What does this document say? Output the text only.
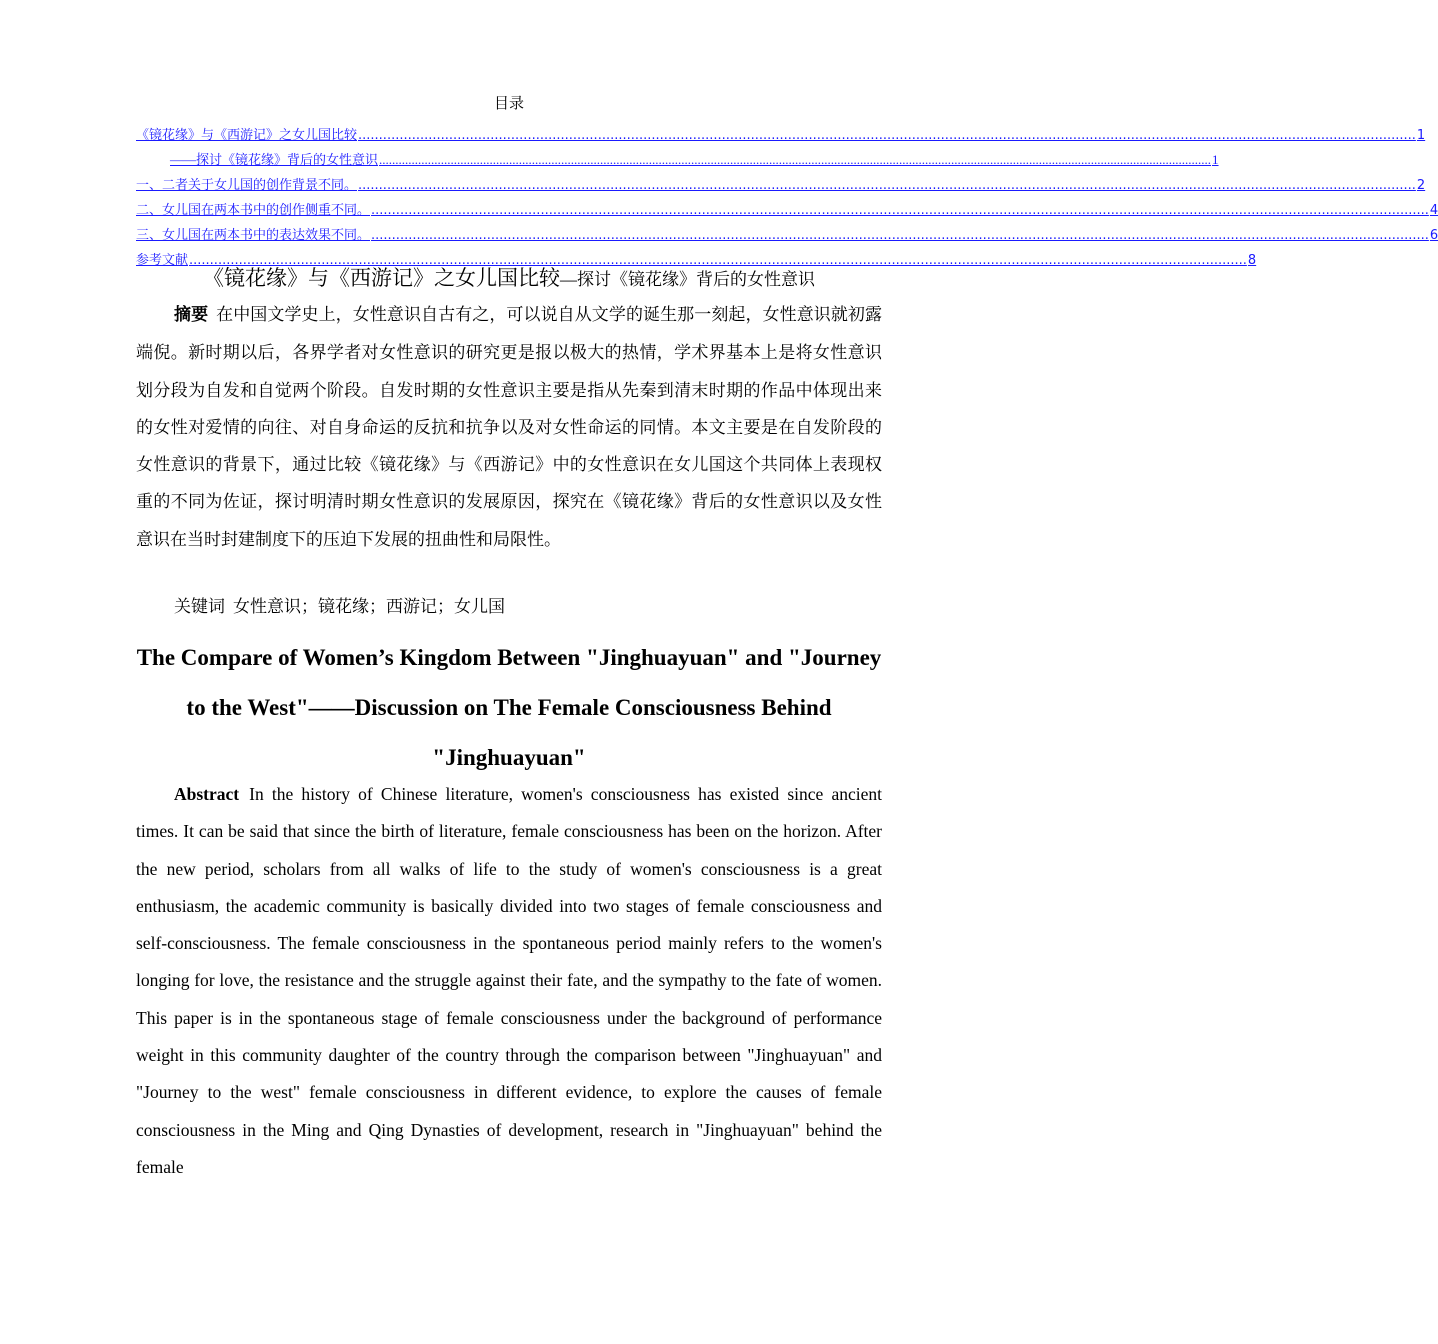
目录
《镜花缘》与《西游记》之女儿国比较 ................................................................................................................................................................................................................................................................ 1
——探讨《镜花缘》背后的女性意识 ................................................................................................................................................................................................................................................................ 1
一、二者关于女儿国的创作背景不同。 ................................................................................................................................................................................................................................................................ 2
二、女儿国在两本书中的创作侧重不同。 ................................................................................................................................................................................................................................................................ 4
三、女儿国在两本书中的表达效果不同。 ................................................................................................................................................................................................................................................................ 6
参考文献 ................................................................................................................................................................................................................................................................ 8
《镜花缘》与《西游记》之女儿国比较—探讨《镜花缘》背后的女性意识

摘要 在中国文学史上，女性意识自古有之，可以说自从文学的诞生那一刻起，女性意识就初露端倪。新时期以后，各界学者对女性意识的研究更是报以极大的热情，学术界基本上是将女性意识划分段为自发和自觉两个阶段。自发时期的女性意识主要是指从先秦到清末时期的作品中体现出来的女性对爱情的向往、对自身命运的反抗和抗争以及对女性命运的同情。本文主要是在自发阶段的女性意识的背景下，通过比较《镜花缘》与《西游记》中的女性意识在女儿国这个共同体上表现权重的不同为佐证，探讨明清时期女性意识的发展原因，探究在《镜花缘》背后的女性意识以及女性意识在当时封建制度下的压迫下发展的扭曲性和局限性。

关键词 女性意识；镜花缘；西游记；女儿国

The Compare of Women’s Kingdom Between "Jinghuayuan" and "Journey to the West"——Discussion on The Female Consciousness Behind "Jinghuayuan"

Abstract In the history of Chinese literature, women's consciousness has existed since ancient times. It can be said that since the birth of literature, female consciousness has been on the horizon. After the new period, scholars from all walks of life to the study of women's consciousness is a great enthusiasm, the academic community is basically divided into two stages of female consciousness and self-consciousness. The female consciousness in the spontaneous period mainly refers to the women's longing for love, the resistance and the struggle against their fate, and the sympathy to the fate of women. This paper is in the spontaneous stage of female consciousness under the background of performance weight in this community daughter of the country through the comparison between "Jinghuayuan" and "Journey to the west" female consciousness in different evidence, to explore the causes of female consciousness in the Ming and Qing Dynasties of development, research in "Jinghuayuan" behind the female
